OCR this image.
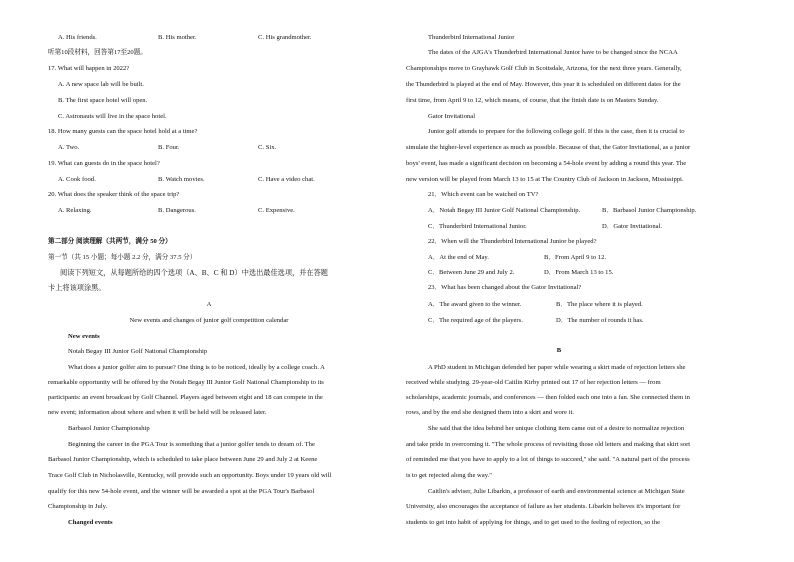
A. His friends.	B. His mother.	C. His grandmother.
听第10段材料，回答第17至20题。
17. What will happen in 2022?
A. A new space lab will be built.
B. The first space hotel will open.
C. Astronauts will live in the space hotel.
18. How many guests can the space hotel hold at a time?
A. Two.	B. Four.	C. Six.
19. What can guests do in the space hotel?
A. Cook food.	B. Watch movies.	C. Have a video chat.
20. What does the speaker think of the space trip?
A. Relaxing.	B. Dangerous.	C. Expensive.
第二部分 阅读理解（共两节，满分 50 分）
第一节（共 15 小题；每小题 2.2 分，满分 37.5 分）
阅读下列短文，从每题所给的四个选项（A、B、C 和 D）中选出最佳选项，并在答题
卡上将该项涂黑。
A
New events and changes of junior golf competition calendar
New events
Notah Begay III Junior Golf National Championship
What does a junior golfer aim to pursue? One thing is to be noticed, ideally by a college coach. A
remarkable opportunity will be offered by the Notah Begay III Junior Golf National Championship to its
participants: an event broadcast by Golf Channel. Players aged between eight and 18 can compete in the
new event; information about where and when it will be held will be released later.
Barbasol Junior Championship
Beginning the career in the PGA Tour is something that a junior golfer tends to dream of. The
Barbasol Junior Championship, which is scheduled to take place between June 29 and July 2 at Keene
Trace Golf Club in Nicholasville, Kentucky, will provide such an opportunity. Boys under 19 years old will
qualify for this new 54-hole event, and the winner will be awarded a spot at the PGA Tour's Barbasol
Championship in July.
Changed events
Thunderbird International Junior
The dates of the AJGA's Thunderbird International Junior have to be changed since the NCAA
Championships move to Grayhawk Golf Club in Scottsdale, Arizona, for the next three years. Generally,
the Thunderbird is played at the end of May. However, this year it is scheduled on different dates for the
first time, from April 9 to 12, which means, of course, that the finish date is on Masters Sunday.
Gator Invitational
Junior golf attends to prepare for the following college golf. If this is the case, then it is crucial to
simulate the higher-level experience as much as possible. Because of that, the Gator Invitational, as a junior
boys' event, has made a significant decision on becoming a 54-hole event by adding a round this year. The
new version will be played from March 13 to 15 at The Country Club of Jackson in Jackson, Mississippi.
21．Which event can be watched on TV?
A．Notah Begay III Junior Golf National Championship.	B．Barbasol Junior Championship.
C．Thunderbird International Junior.	D．Gator Invitational.
22．When will the Thunderbird International Junior be played?
A．At the end of May.	B．From April 9 to 12.
C．Between June 29 and July 2.	D．From March 13 to 15.
23．What has been changed about the Gator Invitational?
A．The award given to the winner.	B．The place where it is played.
C．The required age of the players.	D．The number of rounds it has.
B
A PhD student in Michigan defended her paper while wearing a skirt made of rejection letters she
received while studying. 29-year-old Caitlin Kirby printed out 17 of her rejection letters — from
scholarships, academic journals, and conferences — then folded each one into a fan. She connected them in
rows, and by the end she designed them into a skirt and wore it.
She said that the idea behind her unique clothing item came out of a desire to normalize rejection
and take pride in overcoming it. "The whole process of revisiting those old letters and making that skirt sort
of reminded me that you have to apply to a lot of things to succeed," she said. "A natural part of the process
is to get rejected along the way."
Caitlin's adviser, Julie Libarkin, a professor of earth and environmental science at Michigan State
University, also encourages the acceptance of failure as her students. Libarkin believes it's important for
students to get into habit of applying for things, and to get used to the feeling of rejection, so the
